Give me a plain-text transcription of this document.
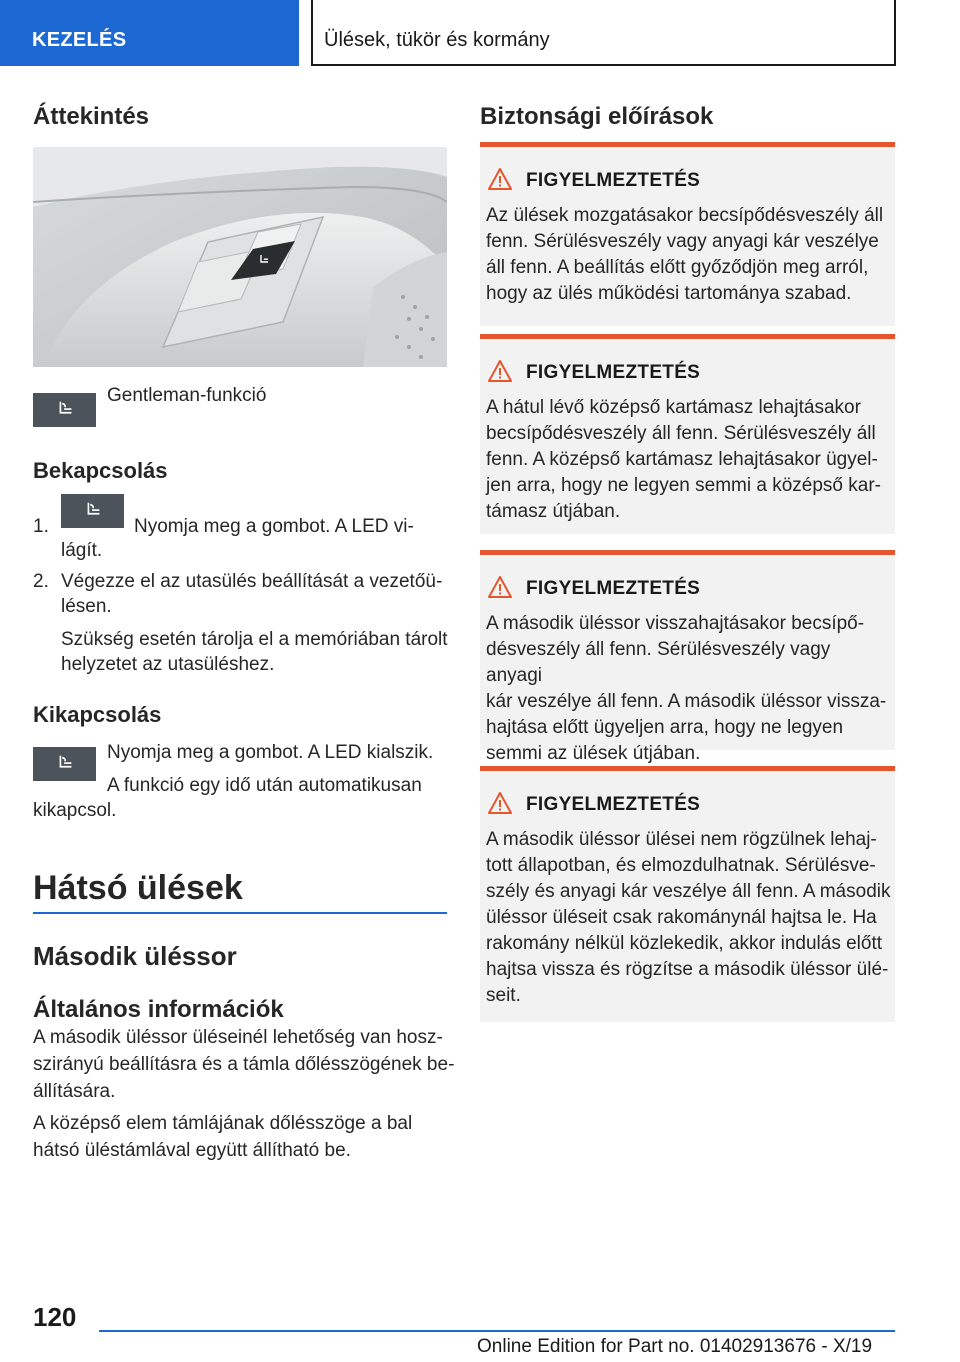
KEZELÉS	Ülések, tükör és kormány
Áttekintés
Gentleman-funkció
Bekapcsolás
1.	Nyomja meg a gombot. A LED vi-
lágít.
2. Végezze el az utasülés beállítását a vezetőü-
lésen.
Szükség esetén tárolja el a memóriában tárolt
helyzetet az utasüléshez.
Kikapcsolás
Nyomja meg a gombot. A LED kialszik.
A funkció egy idő után automatikusan
kikapcsol.
Hátsó ülések
Második üléssor
Általános információk
A második üléssor üléseinél lehetőség van hosz-
szirányú beállításra és a támla dőlésszögének be-
állítására.
A középső elem támlájának dőlésszöge a bal
hátsó üléstámlával együtt állítható be.
Biztonsági előírások
FIGYELMEZTETÉS
Az ülések mozgatásakor becsípődésveszély áll
fenn. Sérülésveszély vagy anyagi kár veszélye
áll fenn. A beállítás előtt győződjön meg arról,
hogy az ülés működési tartománya szabad.
FIGYELMEZTETÉS
A hátul lévő középső kartámasz lehajtásakor
becsípődésveszély áll fenn. Sérülésveszély áll
fenn. A középső kartámasz lehajtásakor ügyel-
jen arra, hogy ne legyen semmi a középső kar-
támasz útjában.
FIGYELMEZTETÉS
A második üléssor visszahajtásakor becsípő-
désveszély áll fenn. Sérülésveszély vagy anyagi
kár veszélye áll fenn. A második üléssor vissza-
hajtása előtt ügyeljen arra, hogy ne legyen
semmi az ülések útjában.
FIGYELMEZTETÉS
A második üléssor ülései nem rögzülnek lehaj-
tott állapotban, és elmozdulhatnak. Sérülésve-
szély és anyagi kár veszélye áll fenn. A második
üléssor üléseit csak rakománynál hajtsa le. Ha
rakomány nélkül közlekedik, akkor indulás előtt
hajtsa vissza és rögzítse a második üléssor ülé-
seit.
120
Online Edition for Part no. 01402913676 - X/19
